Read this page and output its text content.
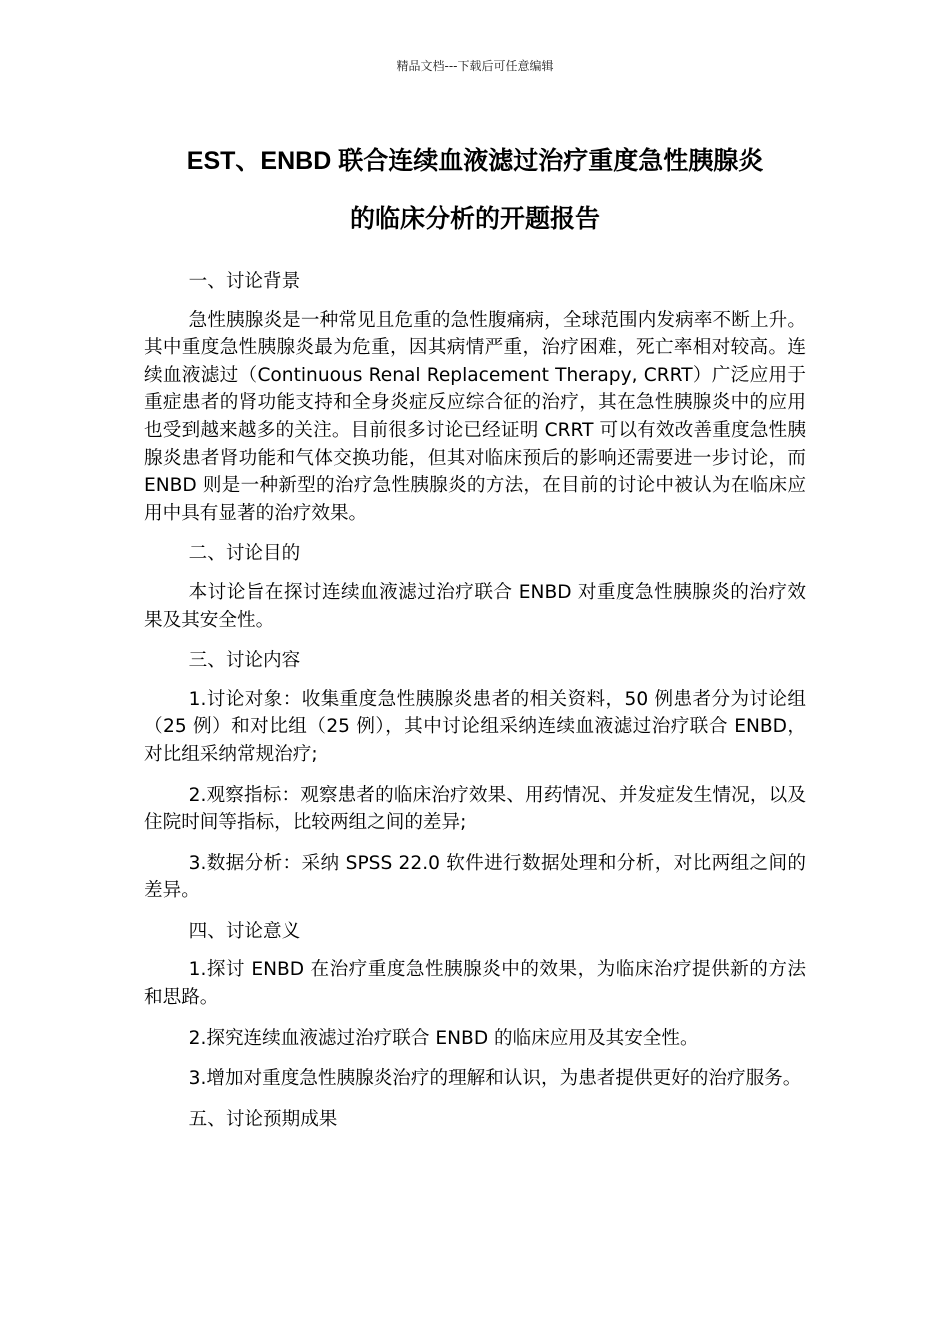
精品文档---下载后可任意编辑
EST、ENBD 联合连续血液滤过治疗重度急性胰腺炎
的临床分析的开题报告

一、讨论背景

急性胰腺炎是一种常见且危重的急性腹痛病，全球范围内发病率不断上升。其中重度急性胰腺炎最为危重，因其病情严重，治疗困难，死亡率相对较高。连续血液滤过（Continuous Renal Replacement Therapy, CRRT）广泛应用于重症患者的肾功能支持和全身炎症反应综合征的治疗，其在急性胰腺炎中的应用也受到越来越多的关注。目前很多讨论已经证明 CRRT 可以有效改善重度急性胰腺炎患者肾功能和气体交换功能，但其对临床预后的影响还需要进一步讨论，而 ENBD 则是一种新型的治疗急性胰腺炎的方法，在目前的讨论中被认为在临床应用中具有显著的治疗效果。

二、讨论目的

本讨论旨在探讨连续血液滤过治疗联合 ENBD 对重度急性胰腺炎的治疗效果及其安全性。

三、讨论内容

1.讨论对象：收集重度急性胰腺炎患者的相关资料，50 例患者分为讨论组（25 例）和对比组（25 例），其中讨论组采纳连续血液滤过治疗联合 ENBD，对比组采纳常规治疗;

2.观察指标：观察患者的临床治疗效果、用药情况、并发症发生情况，以及住院时间等指标，比较两组之间的差异;

3.数据分析：采纳 SPSS 22.0 软件进行数据处理和分析，对比两组之间的差异。

四、讨论意义

1.探讨 ENBD 在治疗重度急性胰腺炎中的效果，为临床治疗提供新的方法和思路。

2.探究连续血液滤过治疗联合 ENBD 的临床应用及其安全性。

3.增加对重度急性胰腺炎治疗的理解和认识，为患者提供更好的治疗服务。

五、讨论预期成果
